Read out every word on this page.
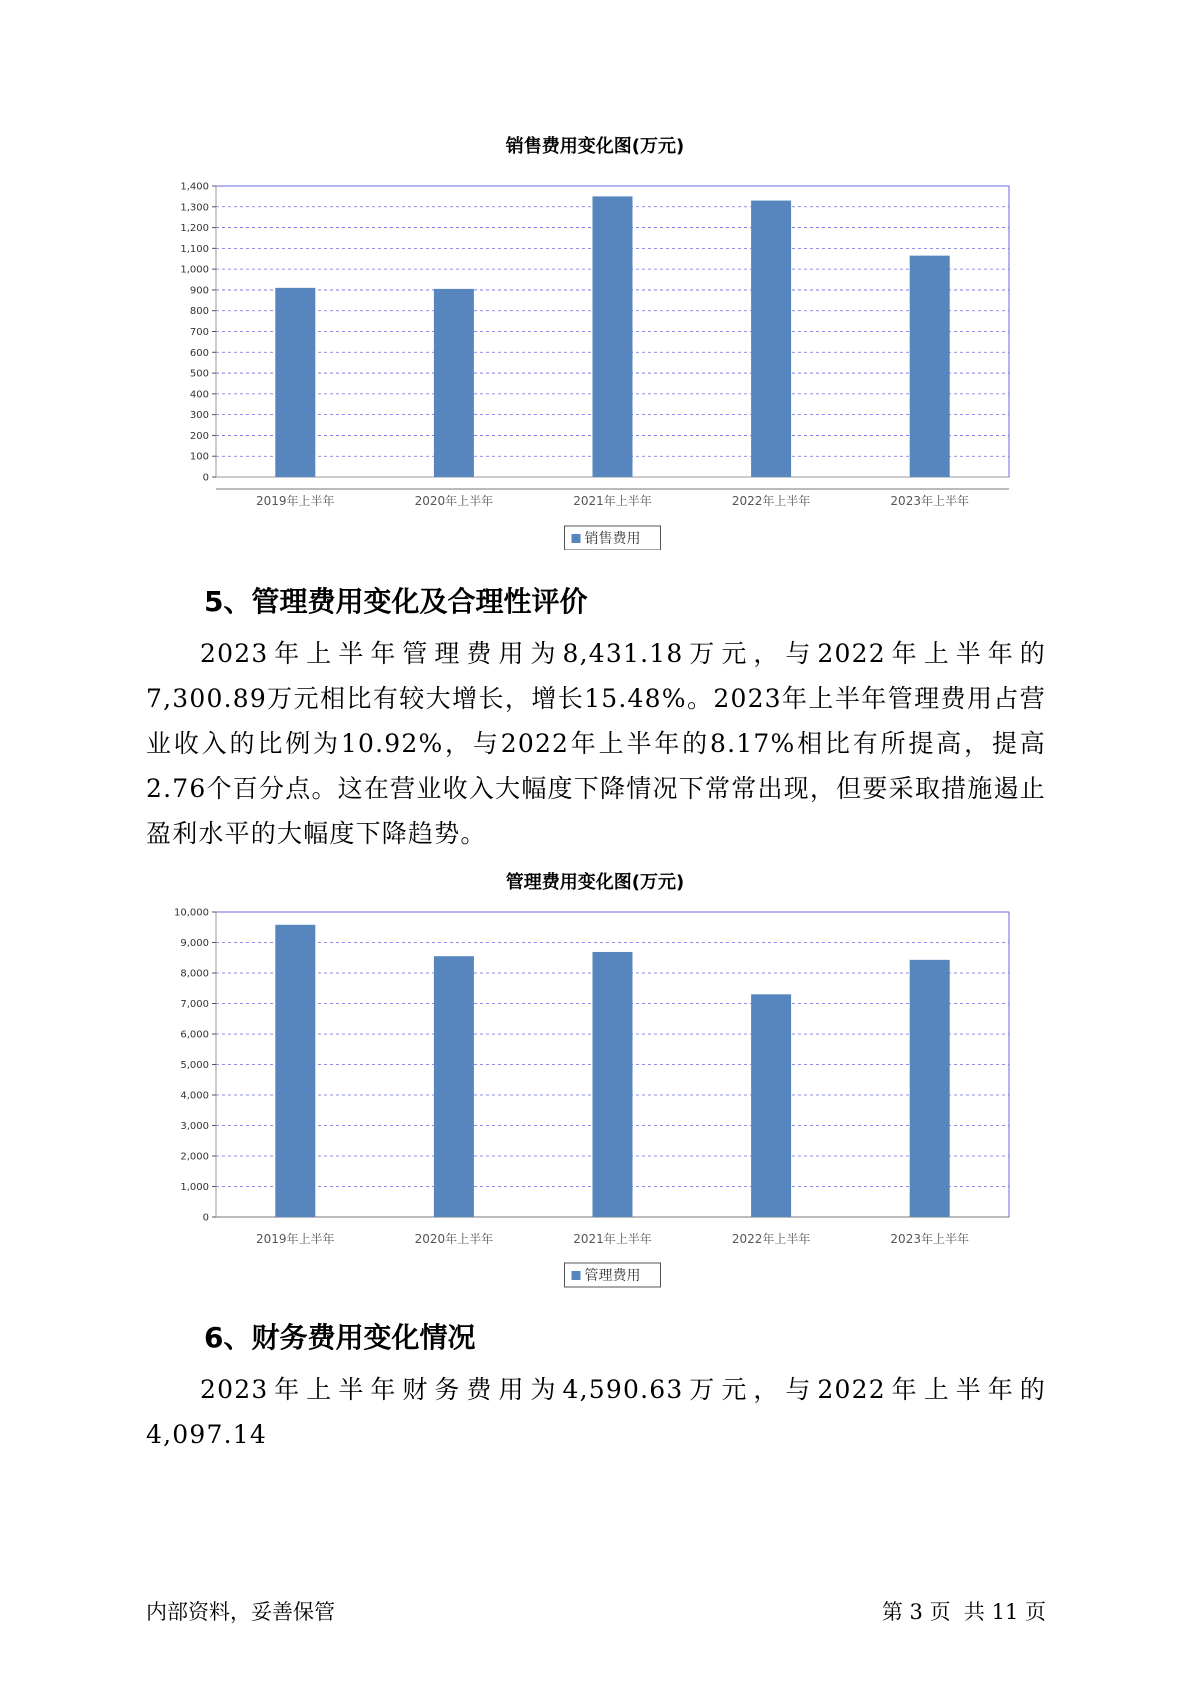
销售费用变化图(万元)
0
100
200
300
400
500
600
700
800
900
1,000
1,100
1,200
1,300
1,400
2019年上半年	2020年上半年	2021年上半年	2022年上半年	2023年上半年
销售费用
5、管理费用变化及合理性评价

2023年上半年管理费用为8,431.18万元，与2022年上半年的7,300.89万元相比有较大增长，增长15.48%。2023年上半年管理费用占营业收入的比例为10.92%，与2022年上半年的8.17%相比有所提高，提高2.76个百分点。这在营业收入大幅度下降情况下常常出现，但要采取措施遏止盈利水平的大幅度下降趋势。

管理费用变化图(万元)
0
1,000
2,000
3,000
4,000
5,000
6,000
7,000
8,000
9,000
10,000
2019年上半年	2020年上半年	2021年上半年	2022年上半年	2023年上半年
管理费用
6、财务费用变化情况

2023年上半年财务费用为4,590.63万元，与2022年上半年的4,097.14

内部资料，妥善保管	第 3 页  共 11 页
